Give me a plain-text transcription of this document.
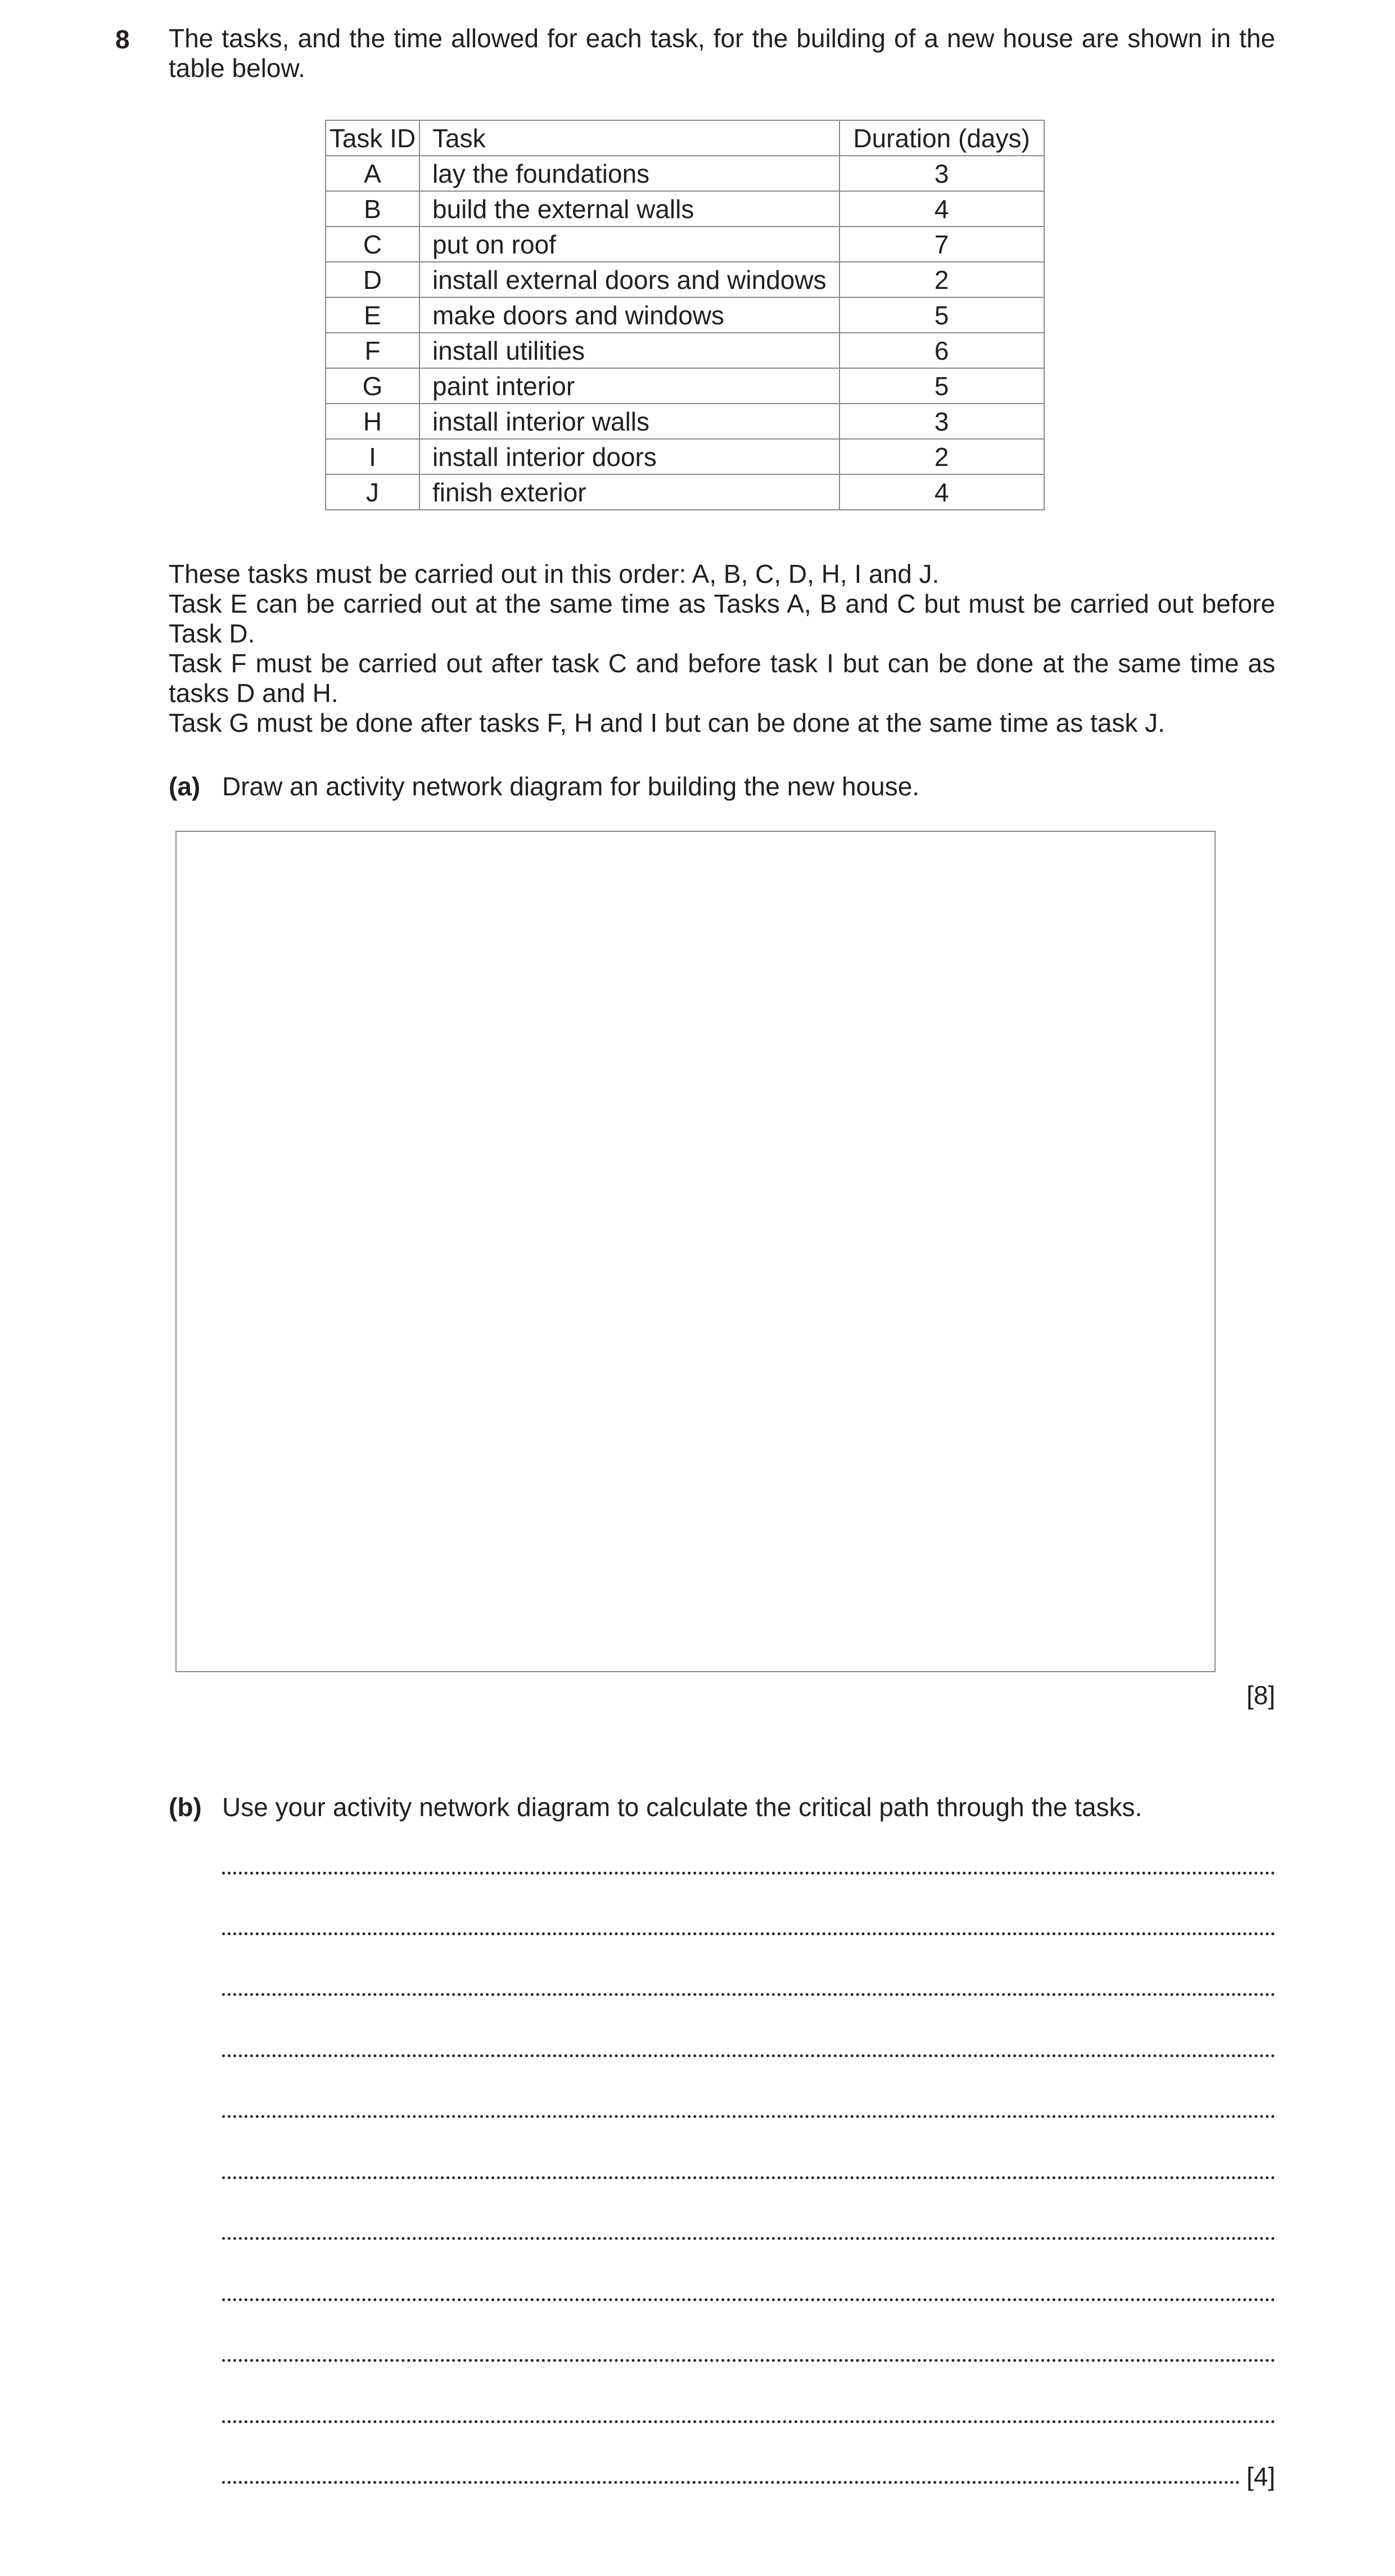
8 The tasks, and the time allowed for each task, for the building of a new house are shown in the table below.
Task ID	Task	Duration (days)
A	lay the foundations	3
B	build the external walls	4
C	put on roof	7
D	install external doors and windows	2
E	make doors and windows	5
F	install utilities	6
G	paint interior	5
H	install interior walls	3
I	install interior doors	2
J	finish exterior	4

These tasks must be carried out in this order: A, B, C, D, H, I and J.

Task E can be carried out at the same time as Tasks A, B and C but must be carried out before Task D.

Task F must be carried out after task C and before task I but can be done at the same time as tasks D and H.

Task G must be done after tasks F, H and I but can be done at the same time as task J.

(a) Draw an activity network diagram for building the new house.
[8]
(b) Use your activity network diagram to calculate the critical path through the tasks.
[4]
